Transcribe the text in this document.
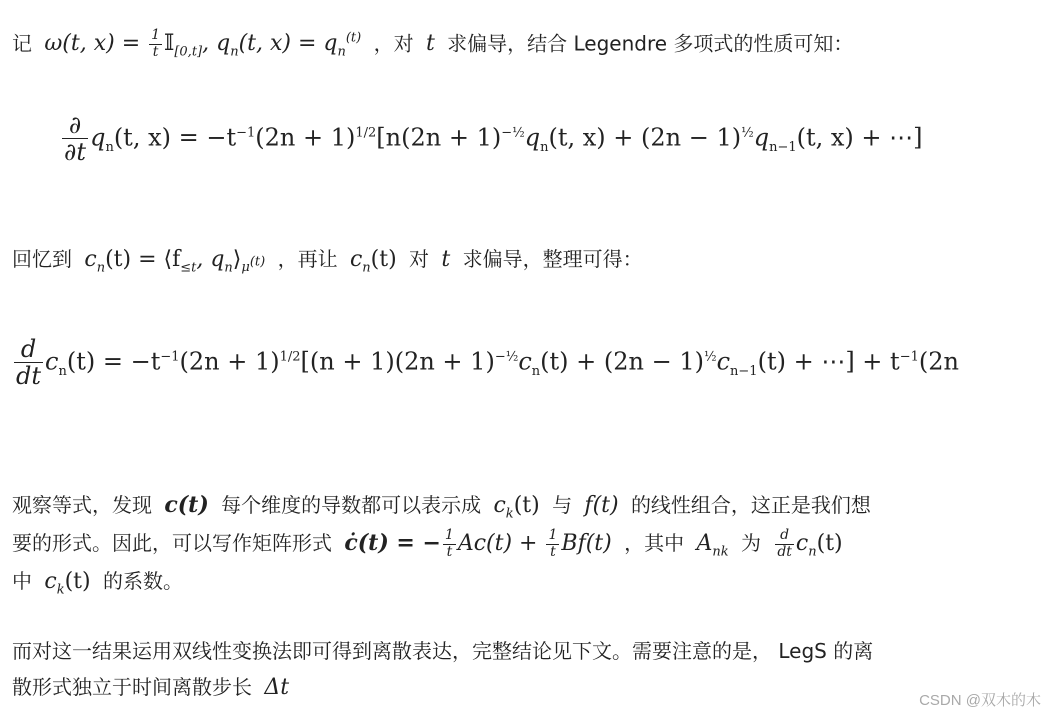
记 ω(t, $x) = \frac{1}{t}$ 𝕀$_{[0,t]}$, $q_n(t$, $x) = q_n^{(t)}$ ，对 t 求偏导，结合 Legendre 多项式的性质可知：
$\frac{\partial}{\partial t} q_n(t$, $x) = -t^{-1}(2n + 1)^{1/2}[n(2n + 1)^{-\frac{1}{2}}q_n(t$, $x) + (2n - 1)^{\frac{1}{2}}q_{n-1}(t$, x) + ⋯]
回忆到 $c_n(t)$ = $⟨f_{\le t}$, $q_n⟩_{\mu^{(t)}}$ ，再让 $c_n(t)$ 对 t 求偏导，整理可得：
$\frac{d}{dt} c_n(t) = -t^{-1}(2n + 1)^{1/2}[(n + 1)(2n + 1)^{-\frac{1}{2}}c_n(t) + (2n - 1)^{\frac{1}{2}}c_{n-1}(t)$ + ⋯] + $t^{-1}(2n$
观察等式，发现 c(t) 每个维度的导数都可以表示成 $c_k(t)$ 与 f(t) 的线性组合，这正是我们想
要的形式。因此，可以写作矩阵形式 ċ(t) = − $\frac{1}{t} Ac(t) + \frac{1}{t} Bf(t)$ ，其中 $A_{nk}$ 为 $\frac{d}{dt} c_n(t)$
中 $c_k(t)$ 的系数。
而对这一结果运用双线性变换法即可得到离散表达，完整结论见下文。需要注意的是， LegS 的离
散形式独立于时间离散步长 Δt
CSDN @双木的木
